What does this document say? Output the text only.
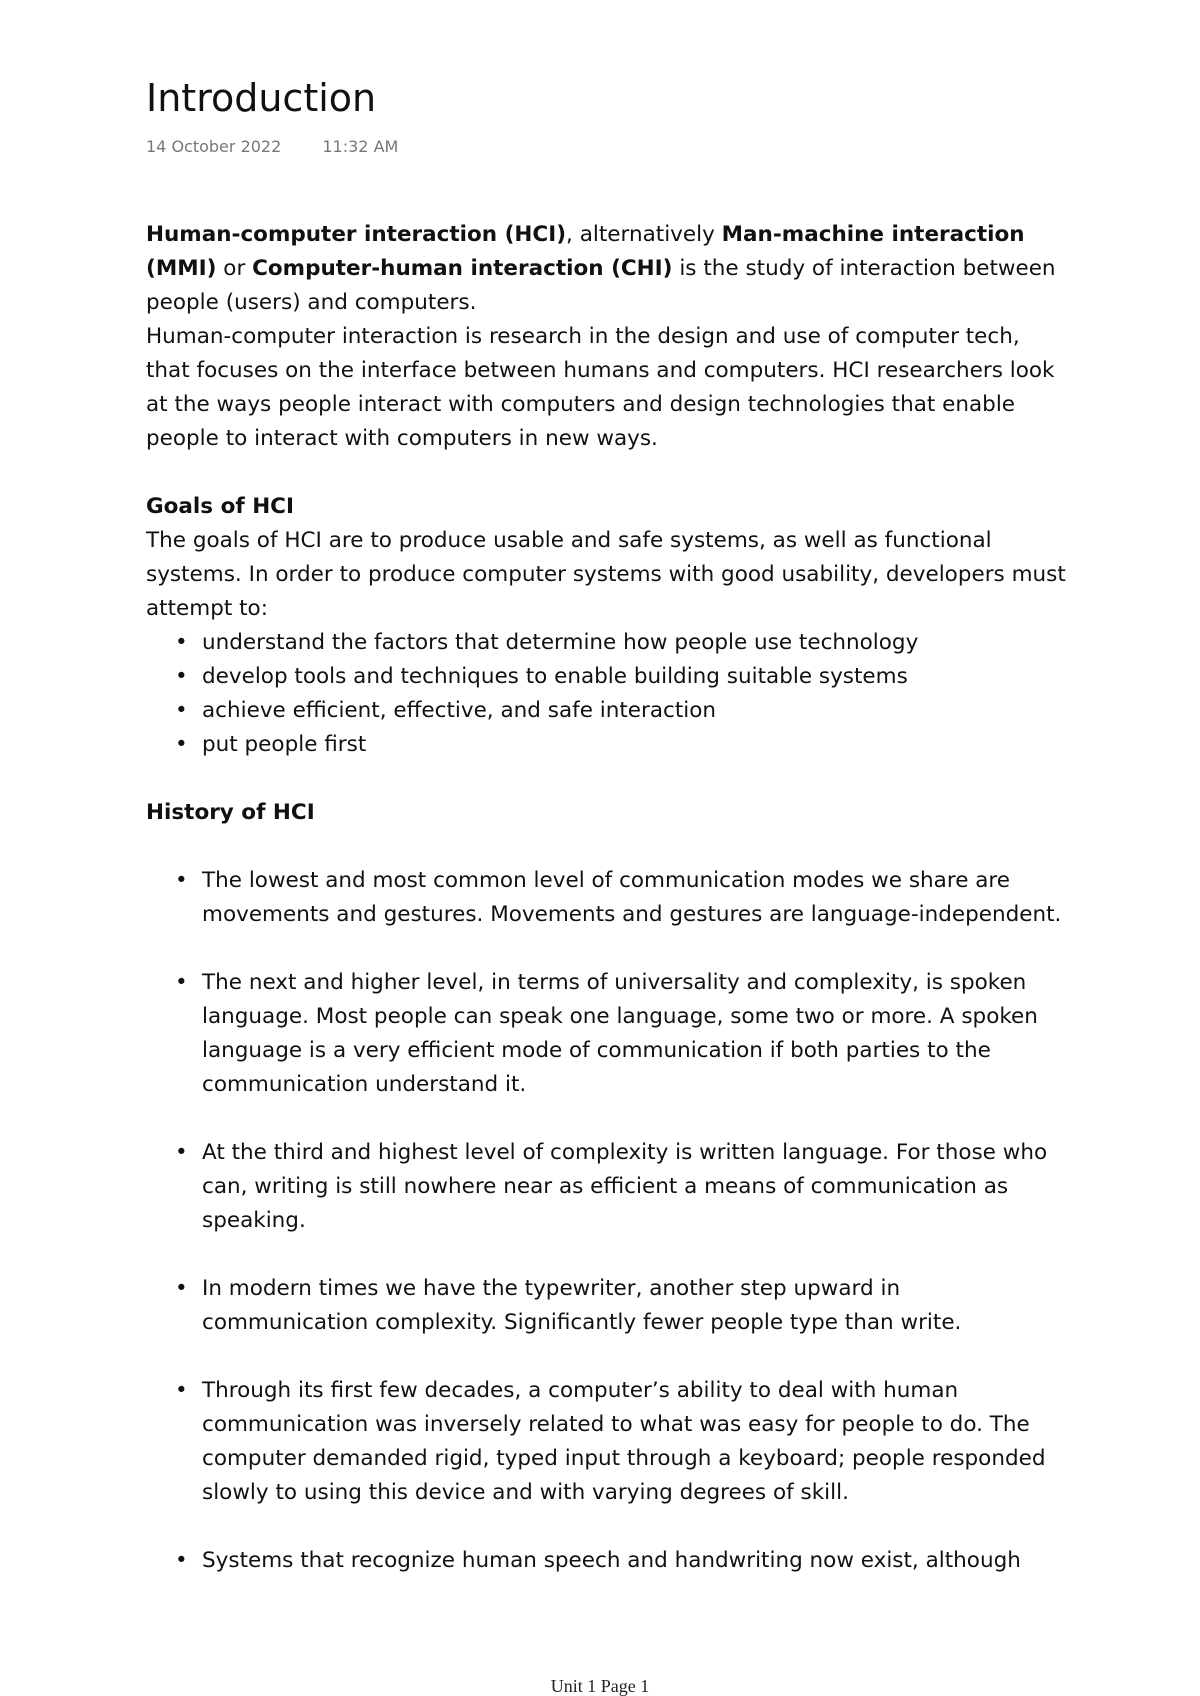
Introduction
14 October 2022	11:32 AM

Human-computer interaction (HCI), alternatively Man-machine interaction (MMI) or Computer-human interaction (CHI) is the study of interaction between people (users) and computers.

Human-computer interaction is research in the design and use of computer tech, that focuses on the interface between humans and computers. HCI researchers look at the ways people interact with computers and design technologies that enable people to interact with computers in new ways.

Goals of HCI

The goals of HCI are to produce usable and safe systems, as well as functional systems. In order to produce computer systems with good usability, developers must attempt to:

• understand the factors that determine how people use technology
• develop tools and techniques to enable building suitable systems
• achieve efficient, effective, and safe interaction
• put people first

History of HCI

• The lowest and most common level of communication modes we share are movements and gestures. Movements and gestures are language-independent.
• The next and higher level, in terms of universality and complexity, is spoken language. Most people can speak one language, some two or more. A spoken language is a very efficient mode of communication if both parties to the communication understand it.
• At the third and highest level of complexity is written language. For those who can, writing is still nowhere near as efficient a means of communication as speaking.
• In modern times we have the typewriter, another step upward in communication complexity. Significantly fewer people type than write.
• Through its first few decades, a computer’s ability to deal with human communication was inversely related to what was easy for people to do. The computer demanded rigid, typed input through a keyboard; people responded slowly to using this device and with varying degrees of skill.
• Systems that recognize human speech and handwriting now exist, although
Unit 1 Page 1
